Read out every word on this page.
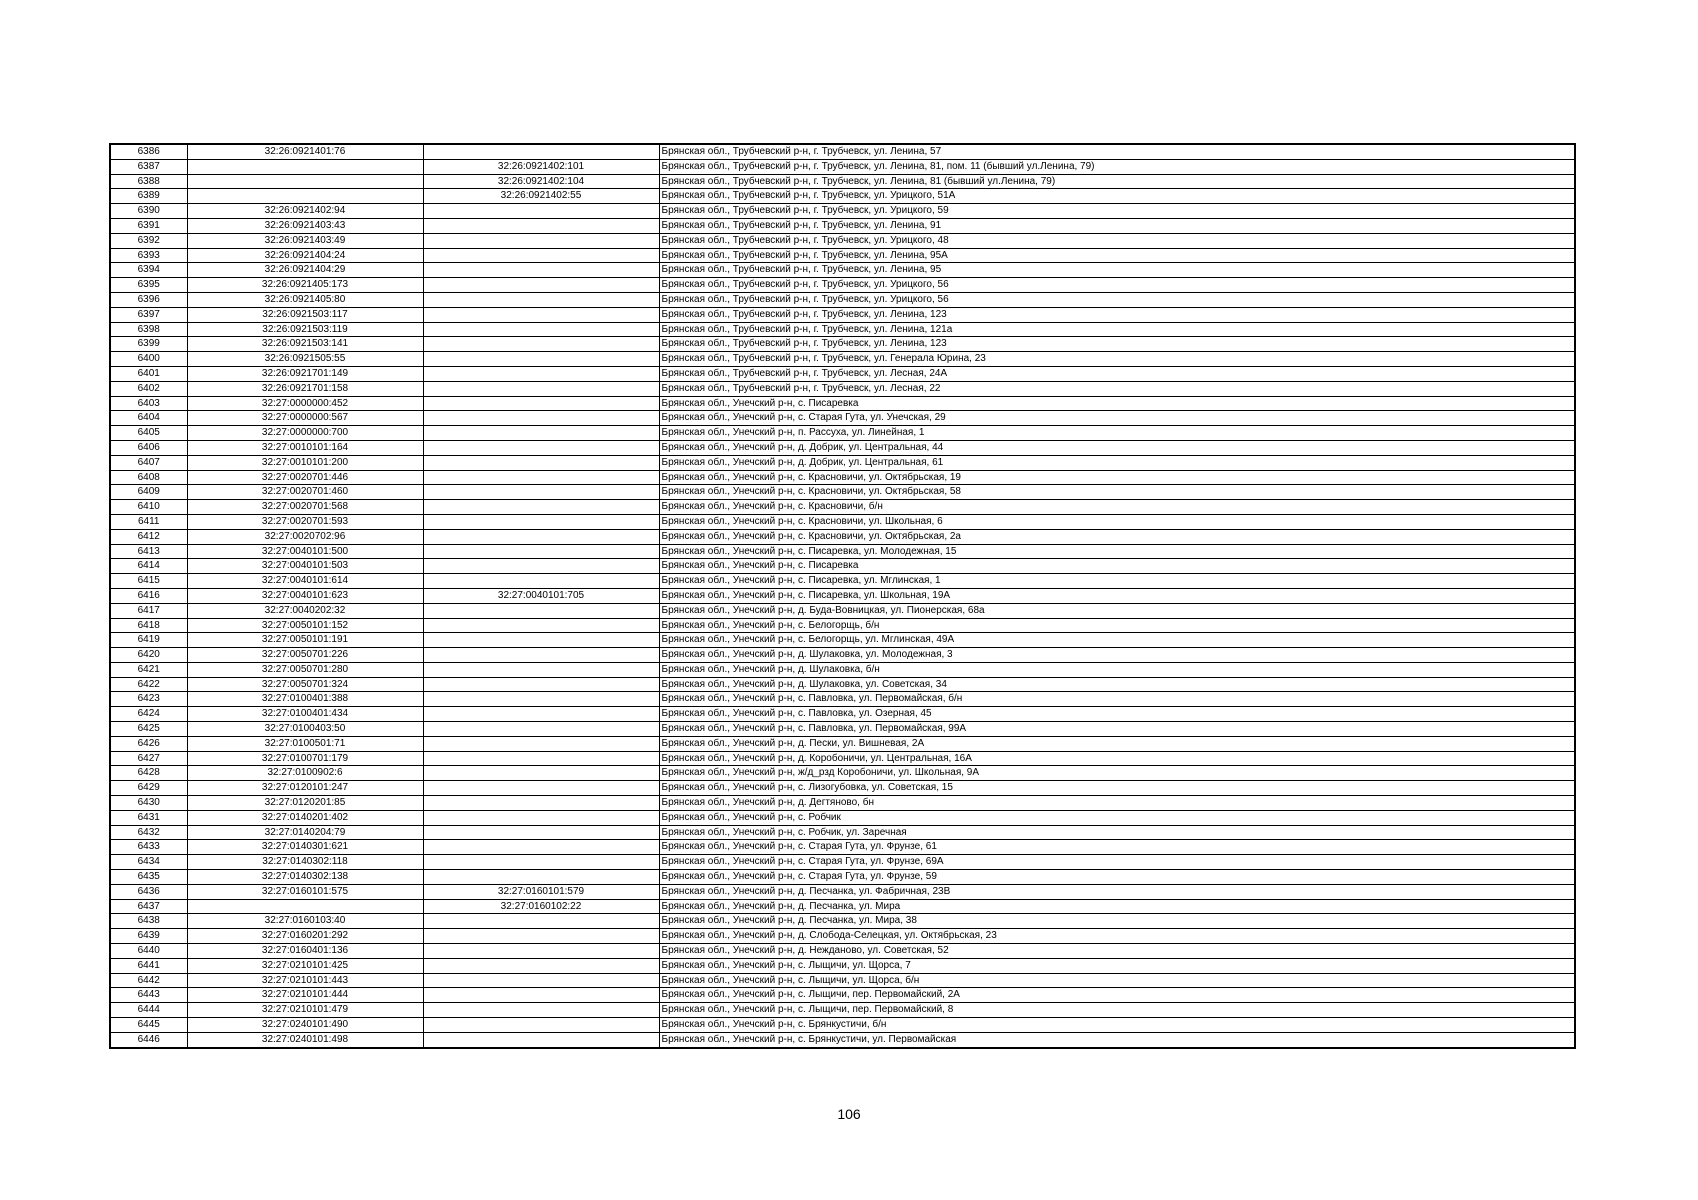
6386	32:26:0921401:76		Брянская обл., Трубчевский р-н, г. Трубчевск, ул. Ленина, 57
6387		32:26:0921402:101	Брянская обл., Трубчевский р-н, г. Трубчевск, ул. Ленина, 81, пом. 11 (бывший ул.Ленина, 79)
6388		32:26:0921402:104	Брянская обл., Трубчевский р-н, г. Трубчевск, ул. Ленина, 81 (бывший ул.Ленина, 79)
6389		32:26:0921402:55	Брянская обл., Трубчевский р-н, г. Трубчевск, ул. Урицкого, 51А
6390	32:26:0921402:94		Брянская обл., Трубчевский р-н, г. Трубчевск, ул. Урицкого, 59
6391	32:26:0921403:43		Брянская обл., Трубчевский р-н, г. Трубчевск, ул. Ленина, 91
6392	32:26:0921403:49		Брянская обл., Трубчевский р-н, г. Трубчевск, ул. Урицкого, 48
6393	32:26:0921404:24		Брянская обл., Трубчевский р-н, г. Трубчевск, ул. Ленина, 95А
6394	32:26:0921404:29		Брянская обл., Трубчевский р-н, г. Трубчевск, ул. Ленина, 95
6395	32:26:0921405:173		Брянская обл., Трубчевский р-н, г. Трубчевск, ул. Урицкого, 56
6396	32:26:0921405:80		Брянская обл., Трубчевский р-н, г. Трубчевск, ул. Урицкого, 56
6397	32:26:0921503:117		Брянская обл., Трубчевский р-н, г. Трубчевск, ул. Ленина, 123
6398	32:26:0921503:119		Брянская обл., Трубчевский р-н, г. Трубчевск, ул. Ленина, 121а
6399	32:26:0921503:141		Брянская обл., Трубчевский р-н, г. Трубчевск, ул. Ленина, 123
6400	32:26:0921505:55		Брянская обл., Трубчевский р-н, г. Трубчевск, ул. Генерала Юрина, 23
6401	32:26:0921701:149		Брянская обл., Трубчевский р-н, г. Трубчевск, ул. Лесная, 24А
6402	32:26:0921701:158		Брянская обл., Трубчевский р-н, г. Трубчевск, ул. Лесная, 22
6403	32:27:0000000:452		Брянская обл., Унечский р-н, с. Писаревка
6404	32:27:0000000:567		Брянская обл., Унечский р-н, с. Старая Гута, ул. Унечская, 29
6405	32:27:0000000:700		Брянская обл., Унечский р-н, п. Рассуха, ул. Линейная, 1
6406	32:27:0010101:164		Брянская обл., Унечский р-н, д. Добрик, ул. Центральная, 44
6407	32:27:0010101:200		Брянская обл., Унечский р-н, д. Добрик, ул. Центральная, 61
6408	32:27:0020701:446		Брянская обл., Унечский р-н, с. Красновичи, ул. Октябрьская, 19
6409	32:27:0020701:460		Брянская обл., Унечский р-н, с. Красновичи, ул. Октябрьская, 58
6410	32:27:0020701:568		Брянская обл., Унечский р-н, с. Красновичи, б/н
6411	32:27:0020701:593		Брянская обл., Унечский р-н, с. Красновичи, ул. Школьная, 6
6412	32:27:0020702:96		Брянская обл., Унечский р-н, с. Красновичи, ул. Октябрьская, 2а
6413	32:27:0040101:500		Брянская обл., Унечский р-н, с. Писаревка, ул. Молодежная, 15
6414	32:27:0040101:503		Брянская обл., Унечский р-н, с. Писаревка
6415	32:27:0040101:614		Брянская обл., Унечский р-н, с. Писаревка, ул. Мглинская, 1
6416	32:27:0040101:623	32:27:0040101:705	Брянская обл., Унечский р-н, с. Писаревка, ул. Школьная, 19А
6417	32:27:0040202:32		Брянская обл., Унечский р-н, д. Буда-Вовницкая, ул. Пионерская, 68а
6418	32:27:0050101:152		Брянская обл., Унечский р-н, с. Белогорщь, б/н
6419	32:27:0050101:191		Брянская обл., Унечский р-н, с. Белогорщь, ул. Мглинская, 49А
6420	32:27:0050701:226		Брянская обл., Унечский р-н, д. Шулаковка, ул. Молодежная, 3
6421	32:27:0050701:280		Брянская обл., Унечский р-н, д. Шулаковка, б/н
6422	32:27:0050701:324		Брянская обл., Унечский р-н, д. Шулаковка, ул. Советская, 34
6423	32:27:0100401:388		Брянская обл., Унечский р-н, с. Павловка, ул. Первомайская, б/н
6424	32:27:0100401:434		Брянская обл., Унечский р-н, с. Павловка, ул. Озерная, 45
6425	32:27:0100403:50		Брянская обл., Унечский р-н, с. Павловка, ул. Первомайская, 99А
6426	32:27:0100501:71		Брянская обл., Унечский р-н, д. Пески, ул. Вишневая, 2А
6427	32:27:0100701:179		Брянская обл., Унечский р-н, д. Коробоничи, ул. Центральная, 16А
6428	32:27:0100902:6		Брянская обл., Унечский р-н, ж/д_рзд Коробоничи, ул. Школьная, 9А
6429	32:27:0120101:247		Брянская обл., Унечский р-н, с. Лизогубовка, ул. Советская, 15
6430	32:27:0120201:85		Брянская обл., Унечский р-н, д. Дегтяново, бн
6431	32:27:0140201:402		Брянская обл., Унечский р-н, с. Робчик
6432	32:27:0140204:79		Брянская обл., Унечский р-н, с. Робчик, ул. Заречная
6433	32:27:0140301:621		Брянская обл., Унечский р-н, с. Старая Гута, ул. Фрунзе, 61
6434	32:27:0140302:118		Брянская обл., Унечский р-н, с. Старая Гута, ул. Фрунзе, 69А
6435	32:27:0140302:138		Брянская обл., Унечский р-н, с. Старая Гута, ул. Фрунзе, 59
6436	32:27:0160101:575	32:27:0160101:579	Брянская обл., Унечский р-н, д. Песчанка, ул. Фабричная, 23В
6437		32:27:0160102:22	Брянская обл., Унечский р-н, д. Песчанка, ул. Мира
6438	32:27:0160103:40		Брянская обл., Унечский р-н, д. Песчанка, ул. Мира, 38
6439	32:27:0160201:292		Брянская обл., Унечский р-н, д. Слобода-Селецкая, ул. Октябрьская, 23
6440	32:27:0160401:136		Брянская обл., Унечский р-н, д. Нежданово, ул. Советская, 52
6441	32:27:0210101:425		Брянская обл., Унечский р-н, с. Лыщичи, ул. Щорса, 7
6442	32:27:0210101:443		Брянская обл., Унечский р-н, с. Лыщичи, ул. Щорса, б/н
6443	32:27:0210101:444		Брянская обл., Унечский р-н, с. Лыщичи, пер. Первомайский, 2А
6444	32:27:0210101:479		Брянская обл., Унечский р-н, с. Лыщичи, пер. Первомайский, 8
6445	32:27:0240101:490		Брянская обл., Унечский р-н, с. Брянкустичи, б/н
6446	32:27:0240101:498		Брянская обл., Унечский р-н, с. Брянкустичи, ул. Первомайская
106
